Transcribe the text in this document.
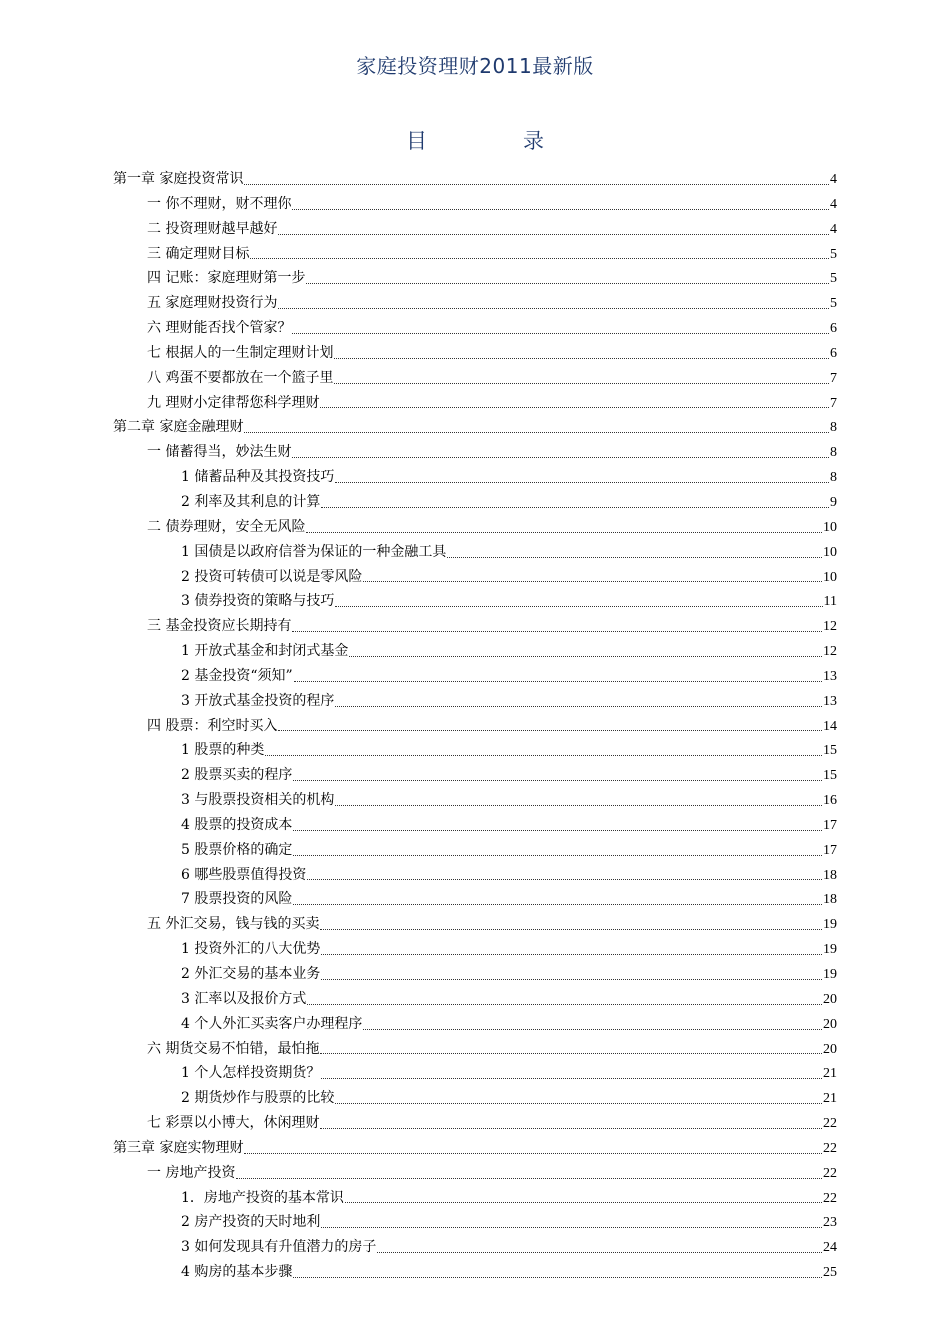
家庭投资理财2011最新版
目录
第一章 家庭投资常识	4
一 你不理财，财不理你	4
二 投资理财越早越好	4
三 确定理财目标	5
四 记账：家庭理财第一步	5
五 家庭理财投资行为	5
六 理财能否找个管家？	6
七 根据人的一生制定理财计划	6
八 鸡蛋不要都放在一个篮子里	7
九 理财小定律帮您科学理财	7
第二章 家庭金融理财	8
一 储蓄得当，妙法生财	8
1 储蓄品种及其投资技巧	8
2 利率及其利息的计算	9
二 债券理财，安全无风险	10
1 国债是以政府信誉为保证的一种金融工具	10
2 投资可转债可以说是零风险	10
3 债券投资的策略与技巧	11
三 基金投资应长期持有	12
1 开放式基金和封闭式基金	12
2 基金投资“须知”	13
3 开放式基金投资的程序	13
四 股票：利空时买入	14
1 股票的种类	15
2 股票买卖的程序	15
3 与股票投资相关的机构	16
4 股票的投资成本	17
5 股票价格的确定	17
6 哪些股票值得投资	18
7 股票投资的风险	18
五 外汇交易，钱与钱的买卖	19
1 投资外汇的八大优势	19
2 外汇交易的基本业务	19
3 汇率以及报价方式	20
4 个人外汇买卖客户办理程序	20
六 期货交易不怕错，最怕拖	20
1 个人怎样投资期货？	21
2 期货炒作与股票的比较	21
七 彩票以小博大，休闲理财	22
第三章 家庭实物理财	22
一 房地产投资	22
1．房地产投资的基本常识	22
2 房产投资的天时地利	23
3 如何发现具有升值潜力的房子	24
4 购房的基本步骤	25
